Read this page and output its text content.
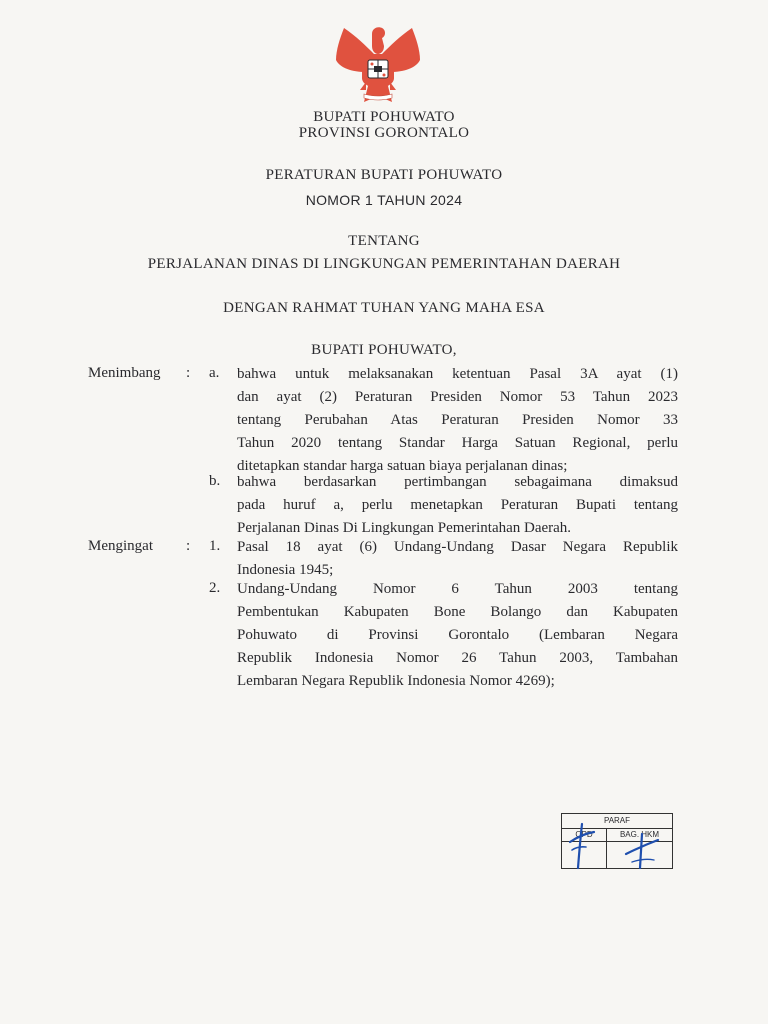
BUPATI POHUWATO
PROVINSI GORONTALO
PERATURAN BUPATI POHUWATO
NOMOR 1 TAHUN 2024
TENTANG
PERJALANAN DINAS DI LINGKUNGAN PEMERINTAHAN DAERAH
DENGAN RAHMAT TUHAN YANG MAHA ESA
BUPATI POHUWATO,
Menimbang : a. bahwa untuk melaksanakan ketentuan Pasal 3A ayat (1)
dan ayat (2) Peraturan Presiden Nomor 53 Tahun 2023
tentang Perubahan Atas Peraturan Presiden Nomor 33
Tahun 2020 tentang Standar Harga Satuan Regional, perlu
ditetapkan standar harga satuan biaya perjalanan dinas;
b. bahwa berdasarkan pertimbangan sebagaimana dimaksud
pada huruf a, perlu menetapkan Peraturan Bupati tentang
Perjalanan Dinas Di Lingkungan Pemerintahan Daerah.
Mengingat : 1. Pasal 18 ayat (6) Undang-Undang Dasar Negara Republik
Indonesia 1945;
2. Undang-Undang Nomor 6 Tahun 2003 tentang
Pembentukan Kabupaten Bone Bolango dan Kabupaten
Pohuwato di Provinsi Gorontalo (Lembaran Negara
Republik Indonesia Nomor 26 Tahun 2003, Tambahan
Lembaran Negara Republik Indonesia Nomor 4269);
PARAF
OPD	BAG. HKM
